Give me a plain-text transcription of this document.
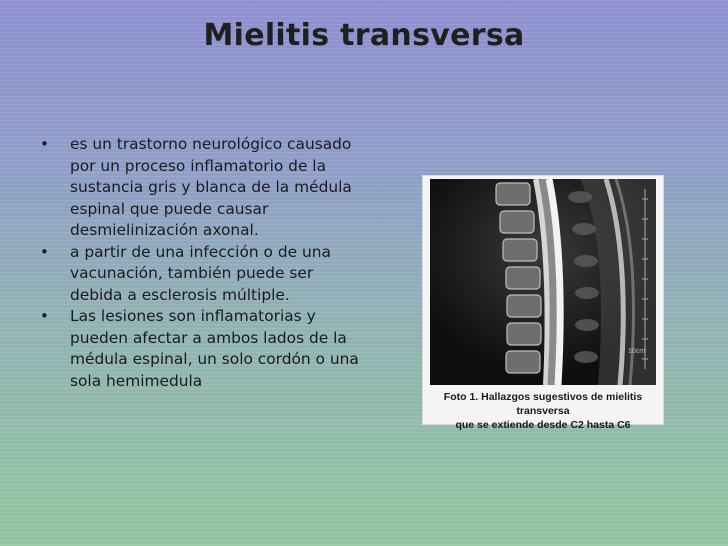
Mielitis transversa
• es un trastorno neurológico causado por un proceso inflamatorio de la sustancia gris y blanca de la médula espinal que puede causar desmielinización axonal.
• a partir de una infección o de una vacunación, también puede ser debida a esclerosis múltiple.
• Las lesiones son inflamatorias y pueden afectar a ambos lados de la médula espinal, un solo cordón o una sola hemimedula
10cm
Foto 1. Hallazgos sugestivos de mielitis transversa
que se extiende desde C2 hasta C6
